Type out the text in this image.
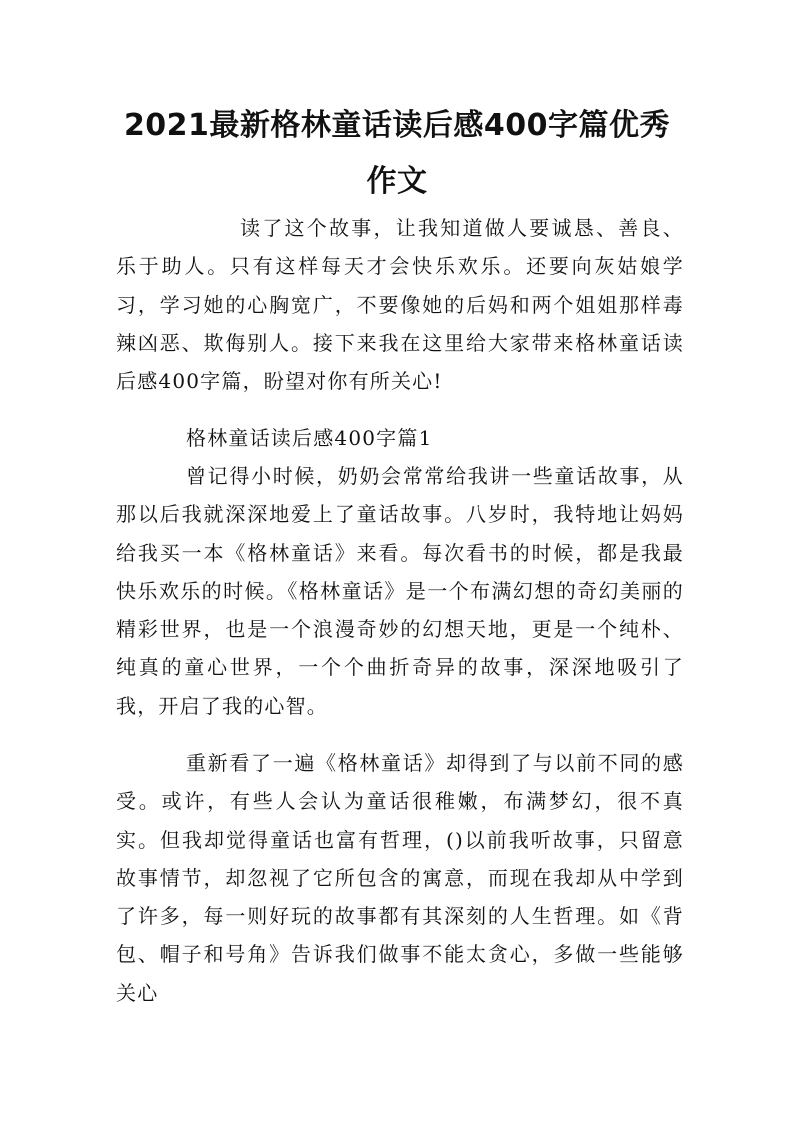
2021最新格林童话读后感400字篇优秀作文

读了这个故事，让我知道做人要诚恳、善良、乐于助人。只有这样每天才会快乐欢乐。还要向灰姑娘学习，学习她的心胸宽广，不要像她的后妈和两个姐姐那样毒辣凶恶、欺侮别人。接下来我在这里给大家带来格林童话读后感400字篇，盼望对你有所关心!

格林童话读后感400字篇1

曾记得小时候，奶奶会常常给我讲一些童话故事，从那以后我就深深地爱上了童话故事。八岁时，我特地让妈妈给我买一本《格林童话》来看。每次看书的时候，都是我最快乐欢乐的时候。《格林童话》是一个布满幻想的奇幻美丽的精彩世界，也是一个浪漫奇妙的幻想天地，更是一个纯朴、纯真的童心世界，一个个曲折奇异的故事，深深地吸引了我，开启了我的心智。

重新看了一遍《格林童话》却得到了与以前不同的感受。或许，有些人会认为童话很稚嫩，布满梦幻，很不真实。但我却觉得童话也富有哲理，()以前我听故事，只留意故事情节，却忽视了它所包含的寓意，而现在我却从中学到了许多，每一则好玩的故事都有其深刻的人生哲理。如《背包、帽子和号角》告诉我们做事不能太贪心，多做一些能够关心
